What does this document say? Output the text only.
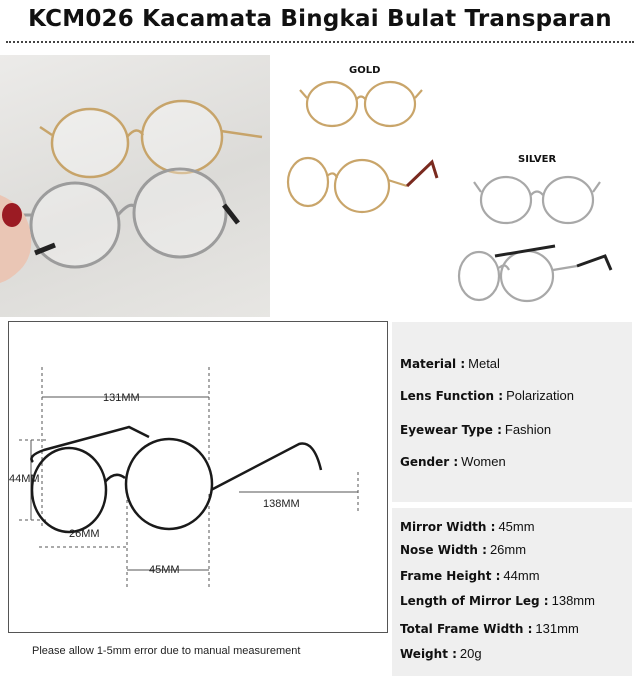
KCM026 Kacamata Bingkai Bulat Transparan
GOLD
SILVER
131MM
44MM
138MM
26MM
45MM
Please allow 1-5mm error due to manual measurement
Material : Metal
Lens Function : Polarization
Eyewear Type : Fashion
Gender : Women
Mirror Width : 45mm
Nose Width : 26mm
Frame Height : 44mm
Length of Mirror Leg : 138mm
Total Frame Width : 131mm
Weight : 20g
